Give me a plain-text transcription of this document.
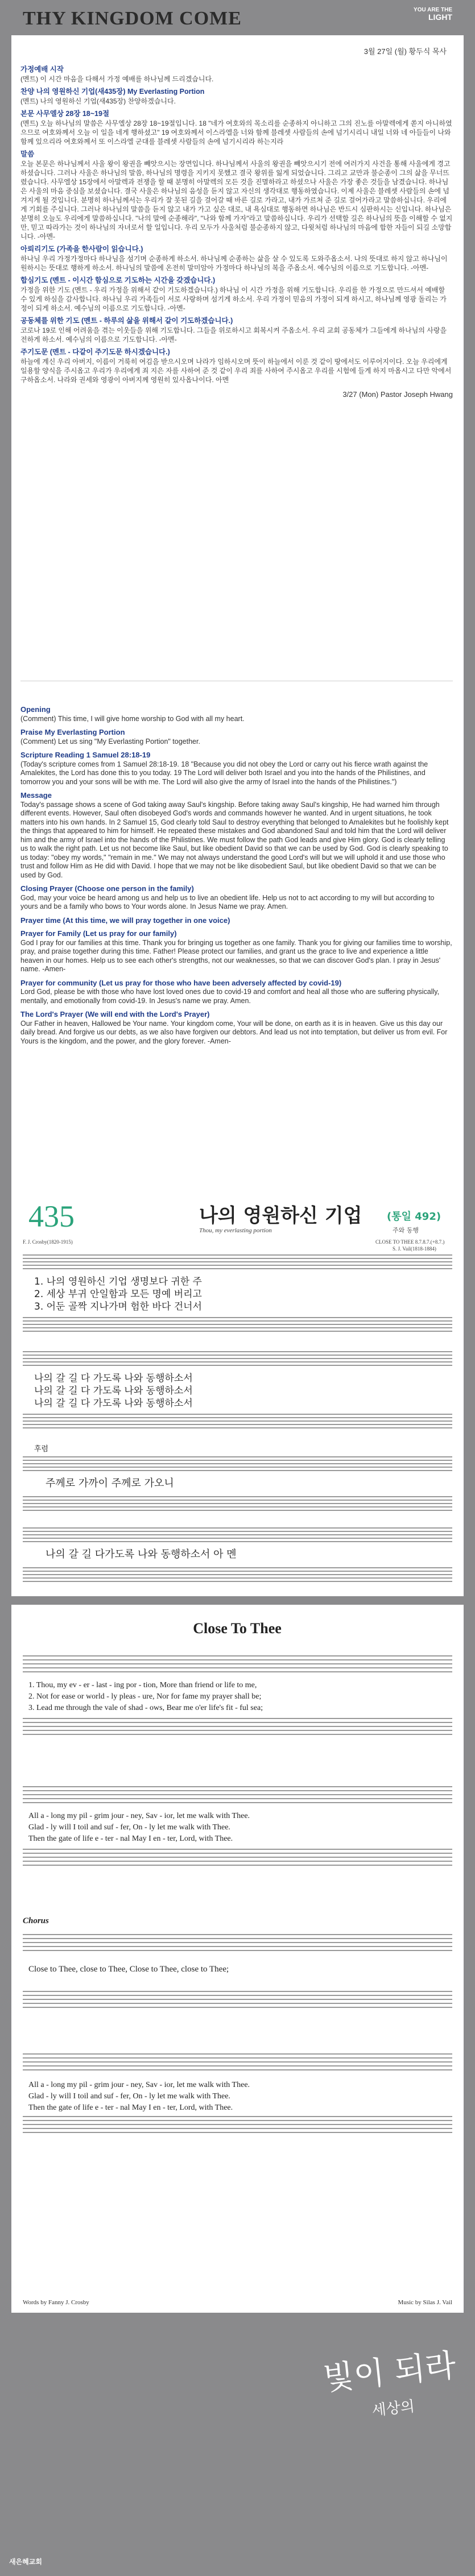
THY KINGDOM COME	YOU ARE THE
LIGHT
3월 27일 (월) 황두식 목사
가정예배 시작

(멘트) 이 시간 마음을 다해서 가정 예배를 하나님께 드리겠습니다.

찬양 나의 영원하신 기업(새435장) My Everlasting Portion

(멘트) 나의 영원하신 기업(새435장) 찬양하겠습니다.

본문 사무엘상 28장 18~19절

(멘트) 오늘 하나님의 말씀은 사무엘상 28장 18~19절입니다. 18 "네가 여호와의 목소리를 순종하지 아니하고 그의 진노를 아말렉에게 쏟지 아니하였으므로 여호와께서 오늘 이 일을 네게 행하셨고" 19 여호와께서 이스라엘을 너와 함께 블레셋 사람들의 손에 넘기시리니 내일 너와 네 아들들이 나와 함께 있으리라 여호와께서 또 이스라엘 군대를 블레셋 사람들의 손에 넘기시리라 하는지라

말씀

오늘 본문은 하나님께서 사울 왕이 왕권을 빼앗으시는 장면입니다. 하나님께서 사울의 왕권을 빼앗으시기 전에 여러가지 사건을 통해 사울에게 경고하셨습니다. 그러나 사울은 하나님의 말씀, 하나님의 명령을 지키지 못했고 결국 왕위를 잃게 되었습니다. 그리고 교만과 불순종이 그의 삶을 무너뜨렸습니다. 사무엘상 15장에서 아말렉과 전쟁을 할 때 분명히 아말렉의 모든 것을 진멸하라고 하셨으나 사울은 가장 좋은 것들을 남겼습니다. 하나님은 사울의 마음 중심을 보셨습니다. 결국 사울은 하나님의 음성을 듣지 않고 자신의 생각대로 행동하였습니다. 이제 사울은 블레셋 사람들의 손에 넘겨지게 될 것입니다. 분명히 하나님께서는 우리가 잘 못된 길을 걸어갈 때 바른 길로 가라고, 내가 가르쳐 준 길로 걸어가라고 말씀하십니다. 우리에게 기회를 주십니다. 그러나 하나님의 말씀을 듣지 않고 내가 가고 싶은 대로, 내 욕심대로 행동하면 하나님은 반드시 심판하시는 신입니다. 하나님은 분명히 오늘도 우리에게 말씀하십니다. "나의 말에 순종해라", "나와 함께 가자"라고 말씀하십니다. 우리가 선택할 길은 하나님의 뜻을 이해할 수 없지만, 믿고 따라가는 것이 하나님의 자녀로서 할 일입니다. 우리 모두가 사울처럼 불순종하지 않고, 다윗처럼 하나님의 마음에 합한 자들이 되길 소망합니다. -아멘-

아뢰리기도 (가족을 한사람이 읽습니다.)

하나님 우리 가정가정마다 하나님을 섬기며 순종하게 하소서. 하나님께 순종하는 삶을 살 수 있도록 도와주옵소서. 나의 뜻대로 하지 않고 하나님이 원하시는 뜻대로 행하게 하소서. 하나님의 말씀에 온전히 말미암아 가정마다 하나님의 복을 주옵소서. 예수님의 이름으로 기도합니다. -아멘-

합심기도 (멘트 - 이시간 함심으로 기도하는 시간을 갖겠습니다.)

가정을 위한 기도 (멘트 - 우리 가정을 위해서 같이 기도하겠습니다.) 하나님 이 시간 가정을 위해 기도합니다. 우리를 한 가정으로 만드셔서 예배할 수 있게 하심을 감사합니다. 하나님 우리 가족들이 서로 사랑하며 섬기게 하소서. 우리 가정이 믿음의 가정이 되게 하시고, 하나님께 영광 돌리는 가정이 되게 하소서. 예수님의 이름으로 기도합니다. -아멘-

공동체를 위한 기도 (멘트 - 하루의 삶을 위해서 같이 기도하겠습니다.)

코로나 19로 인해 어려움을 겪는 이웃들을 위해 기도합니다. 그들을 위로하시고 회복시켜 주옵소서. 우리 교회 공동체가 그들에게 하나님의 사랑을 전하게 하소서. 예수님의 이름으로 기도합니다. -아멘-

주기도문 (멘트 - 다같이 주기도문 하시겠습니다.)

하늘에 계신 우리 아버지, 이름이 거룩히 여김을 받으시오며 나라가 임하시오며 뜻이 하늘에서 이룬 것 같이 땅에서도 이루어지이다. 오늘 우리에게 일용할 양식을 주시옵고 우리가 우리에게 죄 지은 자를 사하여 준 것 같이 우리 죄를 사하여 주시옵고 우리를 시험에 들게 하지 마옵시고 다만 악에서 구하옵소서. 나라와 권세와 영광이 아버지께 영원히 있사옵나이다. 아멘

3/27 (Mon) Pastor Joseph Hwang
Opening

(Comment) This time, I will give home worship to God with all my heart.

Praise My Everlasting Portion

(Comment) Let us sing "My Everlasting Portion" together.

Scripture Reading 1 Samuel 28:18-19

(Today's scripture comes from 1 Samuel 28:18-19. 18 "Because you did not obey the Lord or carry out his fierce wrath against the Amalekites, the Lord has done this to you today. 19 The Lord will deliver both Israel and you into the hands of the Philistines, and tomorrow you and your sons will be with me. The Lord will also give the army of Israel into the hands of the Philistines.")

Message

Today's passage shows a scene of God taking away Saul's kingship. Before taking away Saul's kingship, He had warned him through different events. However, Saul often disobeyed God's words and commands however he wanted. And in urgent situations, he took matters into his own hands. In 2 Samuel 15, God clearly told Saul to destroy everything that belonged to Amalekites but he foolishly kept the things that appeared to him for himself. He repeated these mistakes and God abandoned Saul and told him that the Lord will deliver him and the army of Israel into the hands of the Philistines. We must follow the path God leads and give Him glory. God is clearly telling us to walk the right path. Let us not become like Saul, but like obedient David so that we can be used by God. God is clearly speaking to us today: "obey my words," "remain in me." We may not always understand the good Lord's will but we will uphold it and use those who trust and follow Him as He did with David. I hope that we may not be like disobedient Saul, but like obedient David so that we can be used by God.

Closing Prayer (Choose one person in the family)

God, may your voice be heard among us and help us to live an obedient life. Help us not to act according to my will but according to yours and be a family who bows to Your words alone. In Jesus Name we pray. Amen.

Prayer time (At this time, we will pray together in one voice)
Prayer for Family (Let us pray for our family)

God I pray for our families at this time. Thank you for bringing us together as one family. Thank you for giving our families time to worship, pray, and praise together during this time. Father! Please protect our families, and grant us the grace to live and experience a little heaven in our homes. Help us to see each other's strengths, not our weaknesses, so that we can discover God's plan. I pray in Jesus' name. -Amen-

Prayer for community (Let us pray for those who have been adversely affected by covid-19)

Lord God, please be with those who have lost loved ones due to covid-19 and comfort and heal all those who are suffering physically, mentally, and emotionally from covid-19. In Jesus's name we pray. Amen.

The Lord's Prayer (We will end with the Lord's Prayer)

Our Father in heaven, Hallowed be Your name. Your kingdom come, Your will be done, on earth as it is in heaven. Give us this day our daily bread. And forgive us our debts, as we also have forgiven our debtors. And lead us not into temptation, but deliver us from evil. For Yours is the kingdom, and the power, and the glory forever. -Amen-

435	나의 영원하신 기업
Thou, my everlasting portion
(통일 492)
주와 동행
F. J. Crosby(1820-1915)	CLOSE TO THEE 8.7.8.7.(+8.7.)
S. J. Vail(1818-1884)
1. 나의 영원하신 기업 생명보다 귀한 주
2. 세상 부귀 안일함과 모든 명예 버리고
3. 어둔 골짝 지나가며 험한 바다 건너서
나의 갈 길 다 가도록 나와 동행하소서
나의 갈 길 다 가도록 나와 동행하소서
나의 갈 길 다 가도록 나와 동행하소서
후렴
주께로 가까이 주께로 가오니
나의 갈 길 다가도록 나와 동행하소서 아 멘
Close To Thee
1. Thou, my ev - er - last - ing por - tion, More than friend or life to me,
2. Not for ease or world - ly pleas - ure, Nor for fame my prayer shall be;
3. Lead me through the vale of shad - ows, Bear me o'er life's fit - ful sea;
All a - long my pil - grim jour - ney, Sav - ior, let me walk with Thee.
Glad - ly will I toil and suf - fer, On - ly let me walk with Thee.
Then the gate of life e - ter - nal May I en - ter, Lord, with Thee.
Chorus
Close to Thee, close to Thee, Close to Thee, close to Thee;
All a - long my pil - grim jour - ney, Sav - ior, let me walk with Thee.
Glad - ly will I toil and suf - fer, On - ly let me walk with Thee.
Then the gate of life e - ter - nal May I en - ter, Lord, with Thee.
Words by Fanny J. Crosby	Music by Silas J. Vail
빛이 되라
세상의
새은혜교회
